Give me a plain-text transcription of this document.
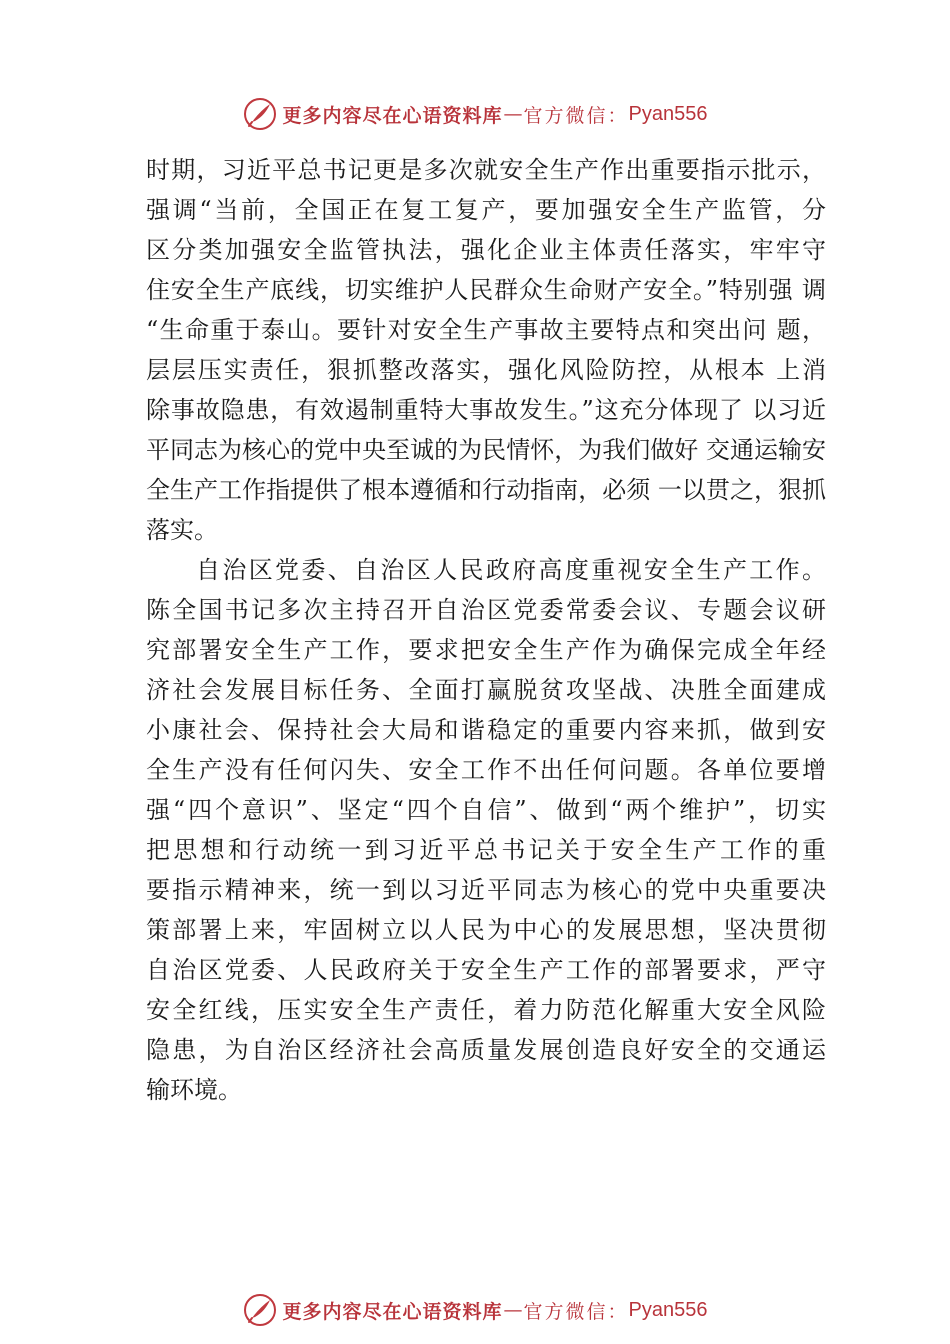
更多内容尽在心语资料库 — 官方微信： Pyan556
时期，习近平总书记更是多次就安全生产作出重要指示批示，
强调“当前，全国正在复工复产，要加强安全生产监管，分
区分类加强安全监管执法，强化企业主体责任落实，牢牢守
住安全生产底线，切实维护人民群众生命财产安全。”特别强 调
“生命重于泰山。要针对安全生产事故主要特点和突出问 题，
层层压实责任，狠抓整改落实，强化风险防控，从根本 上消
除事故隐患，有效遏制重特大事故发生。”这充分体现了 以习近
平同志为核心的党中央至诚的为民情怀，为我们做好 交通运输安
全生产工作指提供了根本遵循和行动指南，必须 一以贯之，狠抓
落实。
自治区党委、自治区人民政府高度重视安全生产工作。
陈全国书记多次主持召开自治区党委常委会议、专题会议研
究部署安全生产工作，要求把安全生产作为确保完成全年经
济社会发展目标任务、全面打赢脱贫攻坚战、决胜全面建成
小康社会、保持社会大局和谐稳定的重要内容来抓，做到安
全生产没有任何闪失、安全工作不出任何问题。各单位要增
强“四个意识”、坚定“四个自信”、做到“两个维护”，切实
把思想和行动统一到习近平总书记关于安全生产工作的重
要指示精神来，统一到以习近平同志为核心的党中央重要决
策部署上来，牢固树立以人民为中心的发展思想，坚决贯彻
自治区党委、人民政府关于安全生产工作的部署要求，严守
安全红线，压实安全生产责任，着力防范化解重大安全风险
隐患，为自治区经济社会高质量发展创造良好安全的交通运
输环境。
更多内容尽在心语资料库 — 官方微信： Pyan556
